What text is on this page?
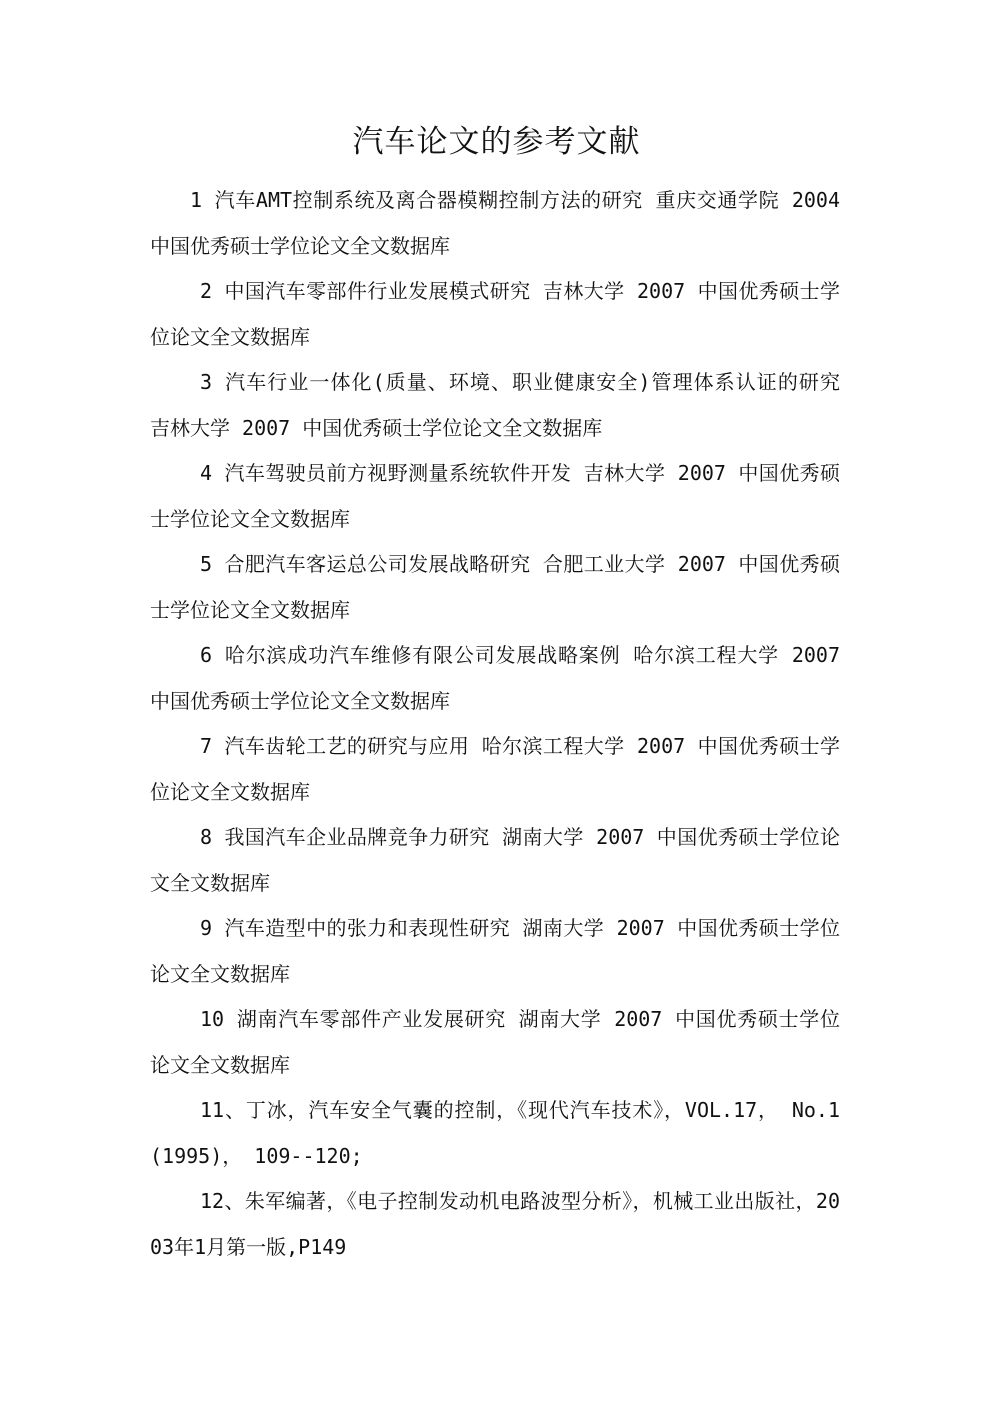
汽车论文的参考文献

1 汽车AMT控制系统及离合器模糊控制方法的研究 重庆交通学院 2004 中国优秀硕士学位论文全文数据库

2 中国汽车零部件行业发展模式研究 吉林大学 2007 中国优秀硕士学位论文全文数据库

3 汽车行业一体化(质量、环境、职业健康安全)管理体系认证的研究 吉林大学 2007 中国优秀硕士学位论文全文数据库

4 汽车驾驶员前方视野测量系统软件开发 吉林大学 2007 中国优秀硕士学位论文全文数据库

5 合肥汽车客运总公司发展战略研究 合肥工业大学 2007 中国优秀硕士学位论文全文数据库

6 哈尔滨成功汽车维修有限公司发展战略案例 哈尔滨工程大学 2007 中国优秀硕士学位论文全文数据库

7 汽车齿轮工艺的研究与应用 哈尔滨工程大学 2007 中国优秀硕士学位论文全文数据库

8 我国汽车企业品牌竞争力研究 湖南大学 2007 中国优秀硕士学位论文全文数据库

9 汽车造型中的张力和表现性研究 湖南大学 2007 中国优秀硕士学位论文全文数据库

10 湖南汽车零部件产业发展研究 湖南大学 2007 中国优秀硕士学位论文全文数据库

11、丁冰，汽车安全气囊的控制，《现代汽车技术》，VOL.17， No.1(1995)， 109--120;

12、朱军编著，《电子控制发动机电路波型分析》，机械工业出版社，2003年1月第一版,P149
